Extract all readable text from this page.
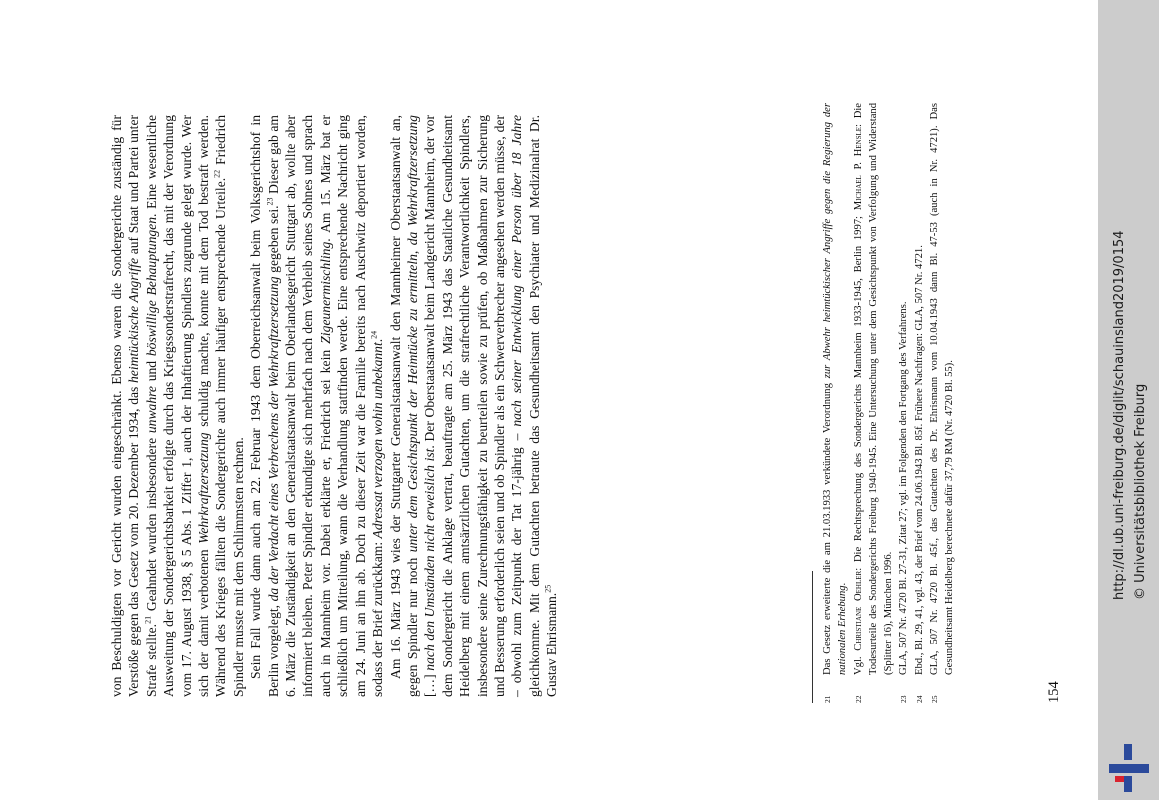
von Beschuldigten vor Gericht wurden eingeschränkt. Ebenso waren die Sondergerichte zuständig für Verstöße gegen das Gesetz vom 20. Dezember 1934, das heimtückische Angriffe auf Staat und Partei unter Strafe stellte.$^{21}$ Geahndet wurden insbesondere unwahre und böswillige Behauptungen. Eine wesentliche Ausweitung der Sondergerichtsbarkeit erfolgte durch das Kriegssonderstrafrecht, das mit der Verordnung vom 17. August 1938, § 5 Abs. 1 Ziffer 1, auch der Inhaftierung Spindlers zugrunde gelegt wurde. Wer sich der damit verbotenen Wehrkraftzersetzung schuldig machte, konnte mit dem Tod bestraft werden. Während des Krieges fällten die Sondergerichte auch immer häufiger entsprechende Urteile.$^{22}$ Friedrich Spindler musste mit dem Schlimmsten rechnen. Sein Fall wurde dann auch am 22. Februar 1943 dem Oberreichsanwalt beim Volksgerichtshof in Berlin vorgelegt, da der Verdacht eines Verbrechens der Wehrkraftzersetzung gegeben sei.$^{23}$ Dieser gab am 6. März die Zuständigkeit an den Generalstaatsanwalt beim Oberlandesgericht Stuttgart ab, wollte aber informiert bleiben. Peter Spindler erkundigte sich mehrfach nach dem Verbleib seines Sohnes und sprach auch in Mannheim vor. Dabei erklärte er, Friedrich sei kein Zigeunermischling. Am 15. März bat er schließlich um Mitteilung, wann die Verhandlung stattfinden werde. Eine entsprechende Nachricht ging am 24. Juni an ihn ab. Doch zu dieser Zeit war die Familie bereits nach Auschwitz deportiert worden, sodass der Brief zurückkam: Adressat verzogen wohin unbekannt.$^{24}$ Am 16. März 1943 wies der Stuttgarter Generalstaatsanwalt den Mannheimer Oberstaatsanwalt an, gegen Spindler nur noch unter dem Gesichtspunkt der Heimtücke zu ermitteln, da Wehrkraftzersetzung […] nach den Umständen nicht erweislich ist. Der Oberstaatsanwalt beim Landgericht Mannheim, der vor dem Sondergericht die Anklage vertrat, beauftragte am 25. März 1943 das Staatliche Gesundheitsamt Heidelberg mit einem amtsärztlichen Gutachten, um die strafrechtliche Verantwortlichkeit Spindlers, insbesondere seine Zurechnungsfähigkeit zu beurteilen sowie zu prüfen, ob Maßnahmen zur Sicherung und Besserung erforderlich seien und ob Spindler als ein Schwerverbrecher angesehen werden müsse, der – obwohl zum Zeitpunkt der Tat 17-jährig – nach seiner Entwicklung einer Person über 18 Jahre gleichkomme. Mit dem Gutachten betraute das Gesundheitsamt den Psychiater und Medizinalrat Dr. Gustav Ehrismann.$^{25}$

21
Das Gesetz erweiterte die am 21.03.1933 verkündete Verordnung zur Abwehr heimtückischer Angriffe gegen die Regierung der nationalen Erhebung.
22
Vgl. Christiane Oehler: Die Rechtsprechung des Sondergerichts Mannheim 1933-1945, Berlin 1997; Michael P. Hensle: Die Todesurteile des Sondergerichts Freiburg 1940-1945. Eine Untersuchung unter dem Gesichtspunkt von Verfolgung und Widerstand (Splitter 16), München 1996.
23
GLA, 507 Nr. 4720 Bl. 27-31, Zitat 27; vgl. im Folgenden den Fortgang des Verfahrens.
24
Ebd., Bl. 29, 41, vgl. 43, der Brief vom 24.06.1943 Bl. 85f. Frühere Nachfragen: GLA, 507 Nr. 4721.
25
GLA, 507 Nr. 4720 Bl. 45f., das Gutachten des Dr. Ehrismann vom 10.04.1943 dann Bl. 47-53 (auch in Nr. 4721). Das Gesundheitsamt Heidelberg berechnete dafür 37,79 RM (Nr. 4720 Bl. 55).
154
http://dl.ub.uni-freiburg.de/diglit/schauinsland2019/0154 © Universitätsbibliothek Freiburg
